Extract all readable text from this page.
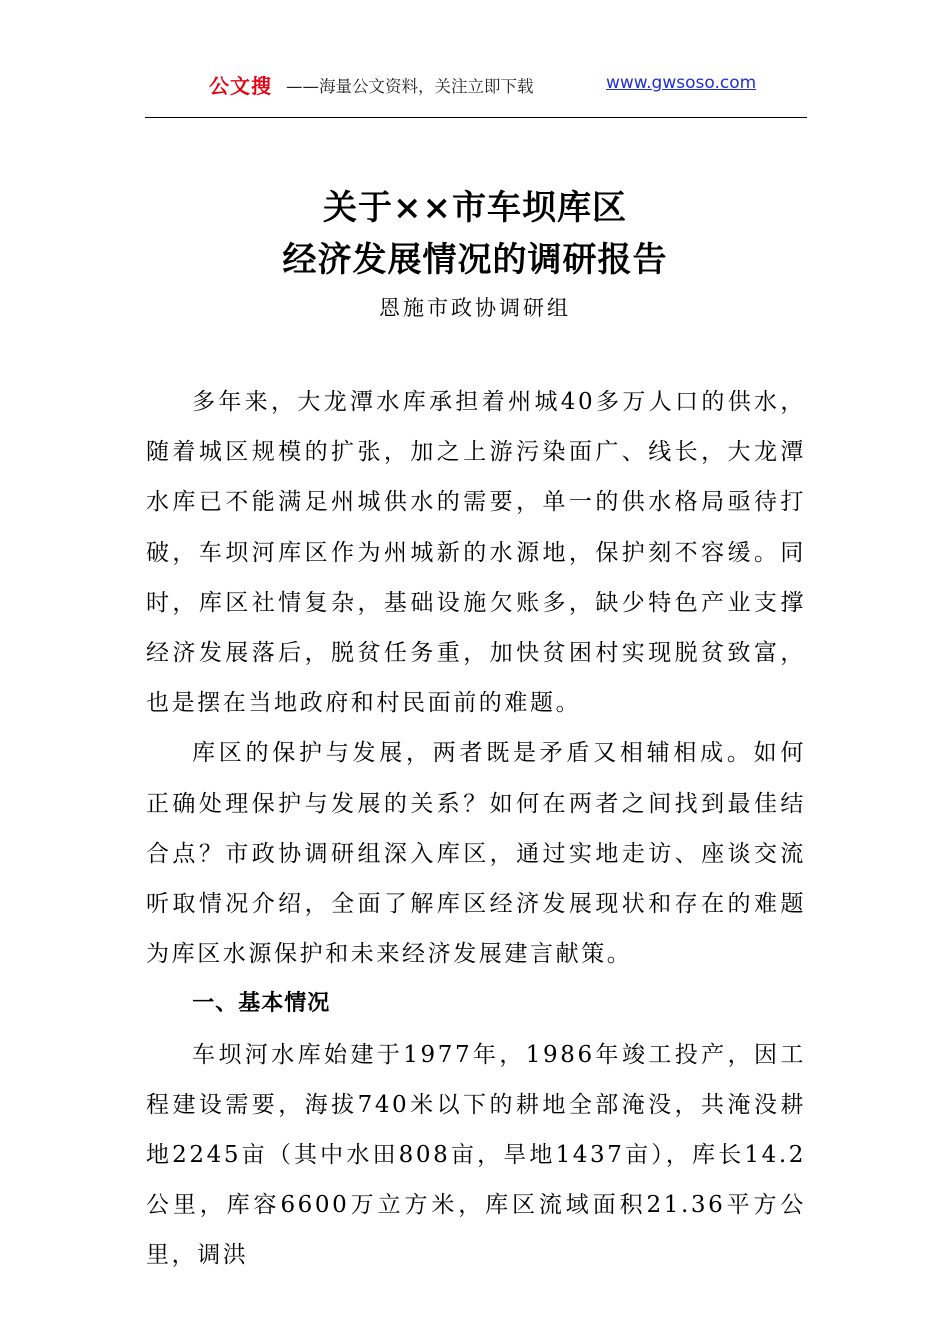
公文搜 ——海量公文资料，关注立即下载	www.gwsoso.com
关于××市车坝库区
经济发展情况的调研报告
恩施市政协调研组

多年来，大龙潭水库承担着州城40多万人口的供水，随着城区规模的扩张，加之上游污染面广、线长，大龙潭水库已不能满足州城供水的需要，单一的供水格局亟待打破，车坝河库区作为州城新的水源地，保护刻不容缓。同时，库区社情复杂，基础设施欠账多，缺少特色产业支撑经济发展落后，脱贫任务重，加快贫困村实现脱贫致富，也是摆在当地政府和村民面前的难题。

库区的保护与发展，两者既是矛盾又相辅相成。如何正确处理保护与发展的关系？如何在两者之间找到最佳结合点？市政协调研组深入库区，通过实地走访、座谈交流听取情况介绍，全面了解库区经济发展现状和存在的难题为库区水源保护和未来经济发展建言献策。

一、基本情况

车坝河水库始建于1977年，1986年竣工投产，因工程建设需要，海拔740米以下的耕地全部淹没，共淹没耕地2245亩（其中水田808亩，旱地1437亩），库长14.2公里，库容6600万立方米，库区流域面积21.36平方公里，调洪
